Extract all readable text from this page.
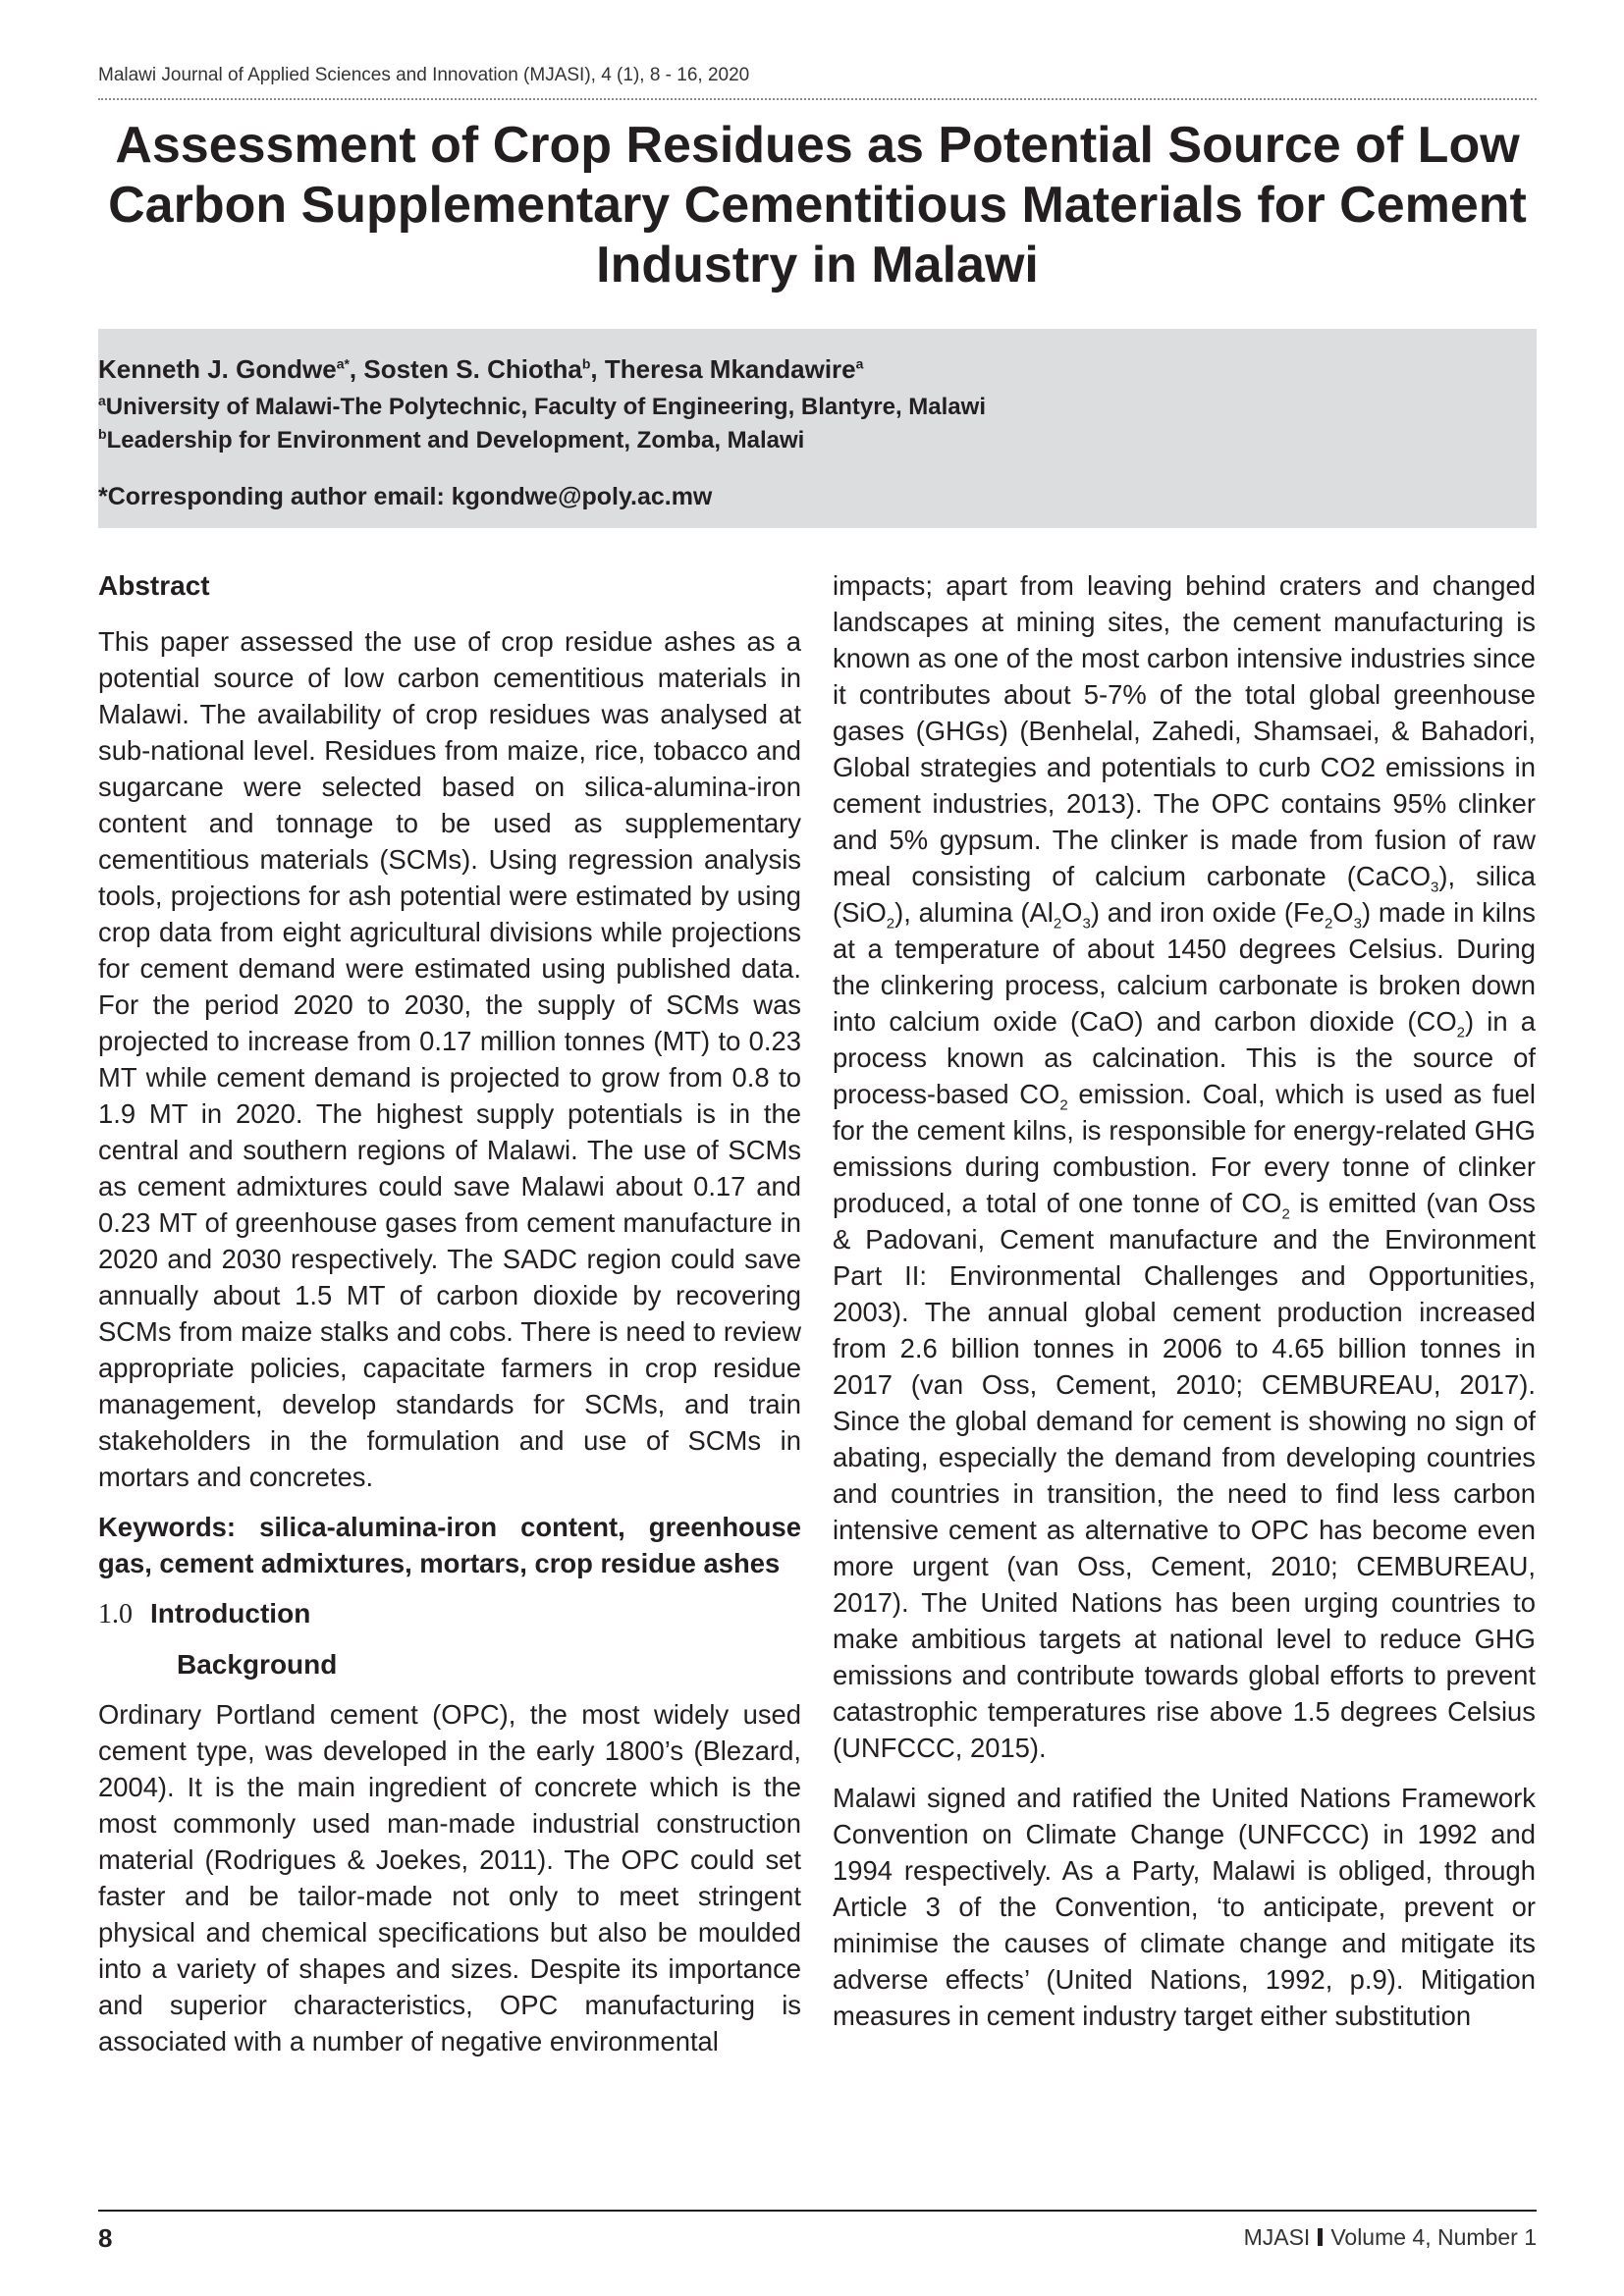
Malawi Journal of Applied Sciences and Innovation (MJASI), 4 (1), 8 - 16, 2020
Assessment of Crop Residues as Potential Source of Low Carbon Supplementary Cementitious Materials for Cement Industry in Malawi

Kenneth J. Gondwe$^{a*}$, Sosten S. Chiotha$^b$, Theresa Mkandawire$^a$

$^a$University of Malawi-The Polytechnic, Faculty of Engineering, Blantyre, Malawi
$^b$Leadership for Environment and Development, Zomba, Malawi

*Corresponding author email: kgondwe@poly.ac.mw

Abstract

This paper assessed the use of crop residue ashes as a potential source of low carbon cementitious materials in Malawi. The availability of crop residues was analysed at sub-national level. Residues from maize, rice, tobacco and sugarcane were selected based on silica-alumina-iron content and tonnage to be used as supplementary cementitious materials (SCMs). Using regression analysis tools, projections for ash potential were estimated by using crop data from eight agricultural divisions while projections for cement demand were estimated using published data. For the period 2020 to 2030, the supply of SCMs was projected to increase from 0.17 million tonnes (MT) to 0.23 MT while cement demand is projected to grow from 0.8 to 1.9 MT in 2020. The highest supply potentials is in the central and southern regions of Malawi. The use of SCMs as cement admixtures could save Malawi about 0.17 and 0.23 MT of greenhouse gases from cement manufacture in 2020 and 2030 respectively. The SADC region could save annually about 1.5 MT of carbon dioxide by recovering SCMs from maize stalks and cobs. There is need to review appropriate policies, capacitate farmers in crop residue management, develop standards for SCMs, and train stakeholders in the formulation and use of SCMs in mortars and concretes.

Keywords: silica-alumina-iron content, greenhouse gas, cement admixtures, mortars, crop residue ashes

1.0 Introduction

Background

Ordinary Portland cement (OPC), the most widely used cement type, was developed in the early 1800’s (Blezard, 2004). It is the main ingredient of concrete which is the most commonly used man-made industrial construction material (Rodrigues & Joekes, 2011). The OPC could set faster and be tailor-made not only to meet stringent physical and chemical specifications but also be moulded into a variety of shapes and sizes. Despite its importance and superior characteristics, OPC manufacturing is associated with a number of negative environmental

impacts; apart from leaving behind craters and changed landscapes at mining sites, the cement manufacturing is known as one of the most carbon intensive industries since it contributes about 5-7% of the total global greenhouse gases (GHGs) (Benhelal, Zahedi, Shamsaei, & Bahadori, Global strategies and potentials to curb CO2 emissions in cement industries, 2013). The OPC contains 95% clinker and 5% gypsum. The clinker is made from fusion of raw meal consisting of calcium carbonate (CaCO$_3$), silica (SiO$_2$), alumina $(Al_2O_3)$ and iron oxide $(Fe_2O_3)$ made in kilns at a temperature of about 1450 degrees Celsius. During the clinkering process, calcium carbonate is broken down into calcium oxide (CaO) and carbon dioxide $(CO_2)$ in a process known as calcination. This is the source of process-based $CO_2$ emission. Coal, which is used as fuel for the cement kilns, is responsible for energy-related GHG emissions during combustion. For every tonne of clinker produced, a total of one tonne of $CO_2$ is emitted (van Oss & Padovani, Cement manufacture and the Environment Part II: Environmental Challenges and Opportunities, 2003). The annual global cement production increased from 2.6 billion tonnes in 2006 to 4.65 billion tonnes in 2017 (van Oss, Cement, 2010; CEMBUREAU, 2017). Since the global demand for cement is showing no sign of abating, especially the demand from developing countries and countries in transition, the need to find less carbon intensive cement as alternative to OPC has become even more urgent (van Oss, Cement, 2010; CEMBUREAU, 2017). The United Nations has been urging countries to make ambitious targets at national level to reduce GHG emissions and contribute towards global efforts to prevent catastrophic temperatures rise above 1.5 degrees Celsius (UNFCCC, 2015).

Malawi signed and ratified the United Nations Framework Convention on Climate Change (UNFCCC) in 1992 and 1994 respectively. As a Party, Malawi is obliged, through Article 3 of the Convention, ‘to anticipate, prevent or minimise the causes of climate change and mitigate its adverse effects’ (United Nations, 1992, p.9). Mitigation measures in cement industry target either substitution

8	MJASI Volume 4, Number 1
